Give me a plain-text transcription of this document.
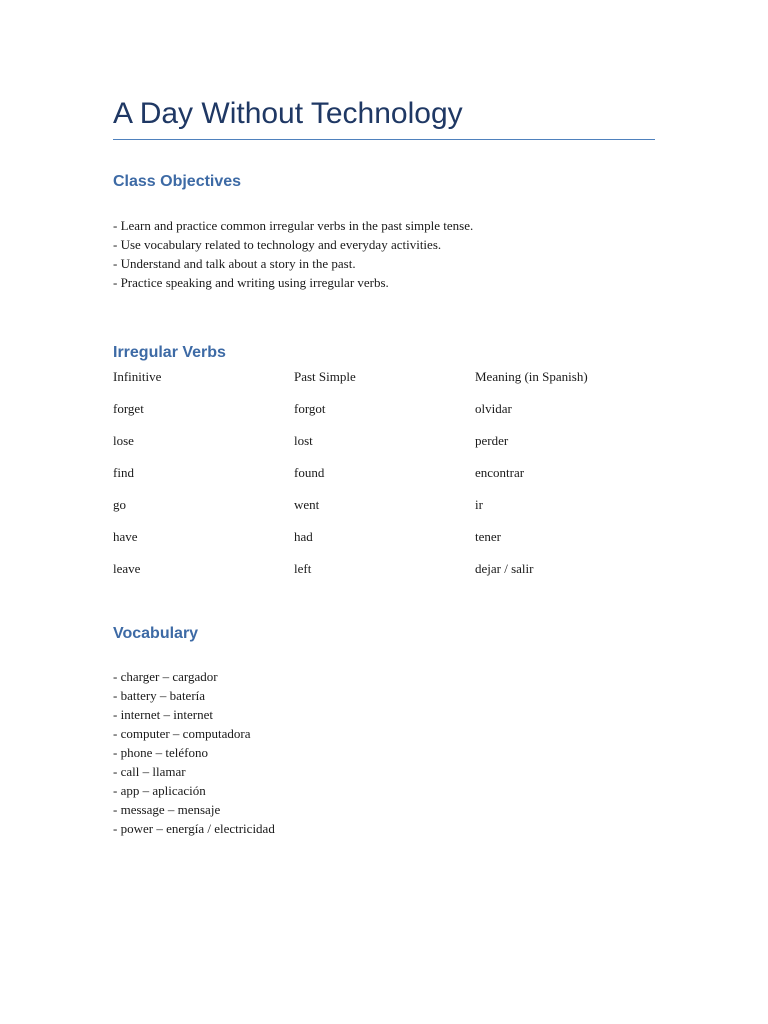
A Day Without Technology
Class Objectives
- Learn and practice common irregular verbs in the past simple tense.
- Use vocabulary related to technology and everyday activities.
- Understand and talk about a story in the past.
- Practice speaking and writing using irregular verbs.
Irregular Verbs
Infinitive	Past Simple	Meaning (in Spanish)
forget	forgot	olvidar
lose	lost	perder
find	found	encontrar
go	went	ir
have	had	tener
leave	left	dejar / salir
Vocabulary
- charger – cargador
- battery – batería
- internet – internet
- computer – computadora
- phone – teléfono
- call – llamar
- app – aplicación
- message – mensaje
- power – energía / electricidad
